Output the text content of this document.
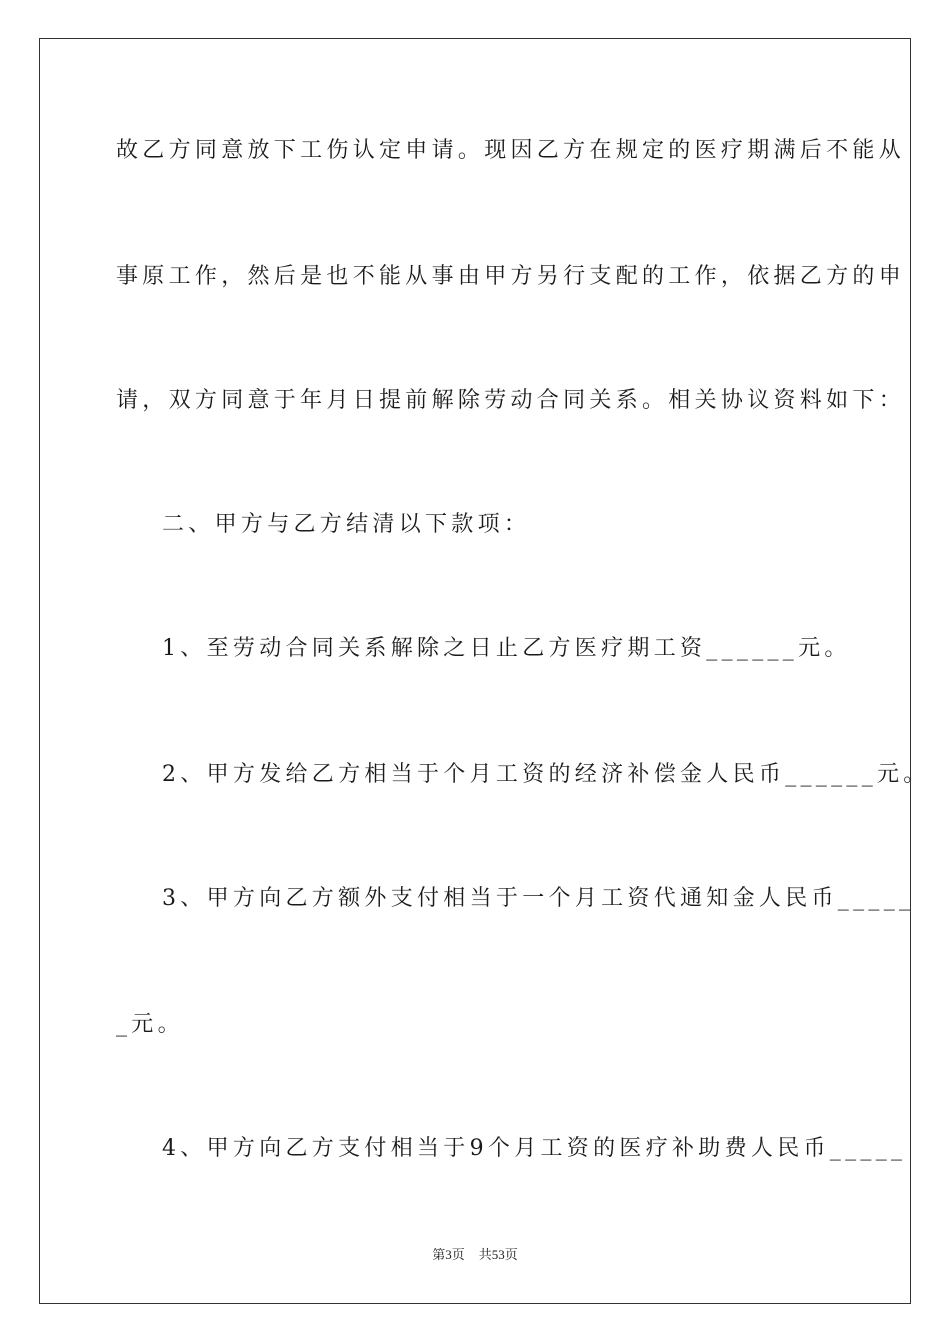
故乙方同意放下工伤认定申请。现因乙方在规定的医疗期满后不能从
事原工作，然后是也不能从事由甲方另行支配的工作，依据乙方的申
请，双方同意于年月日提前解除劳动合同关系。相关协议资料如下：
二、甲方与乙方结清以下款项：
1、至劳动合同关系解除之日止乙方医疗期工资______元。
2、甲方发给乙方相当于个月工资的经济补偿金人民币______元。
3、甲方向乙方额外支付相当于一个月工资代通知金人民币_____
_元。
4、甲方向乙方支付相当于9个月工资的医疗补助费人民币_____
第3页 共53页
